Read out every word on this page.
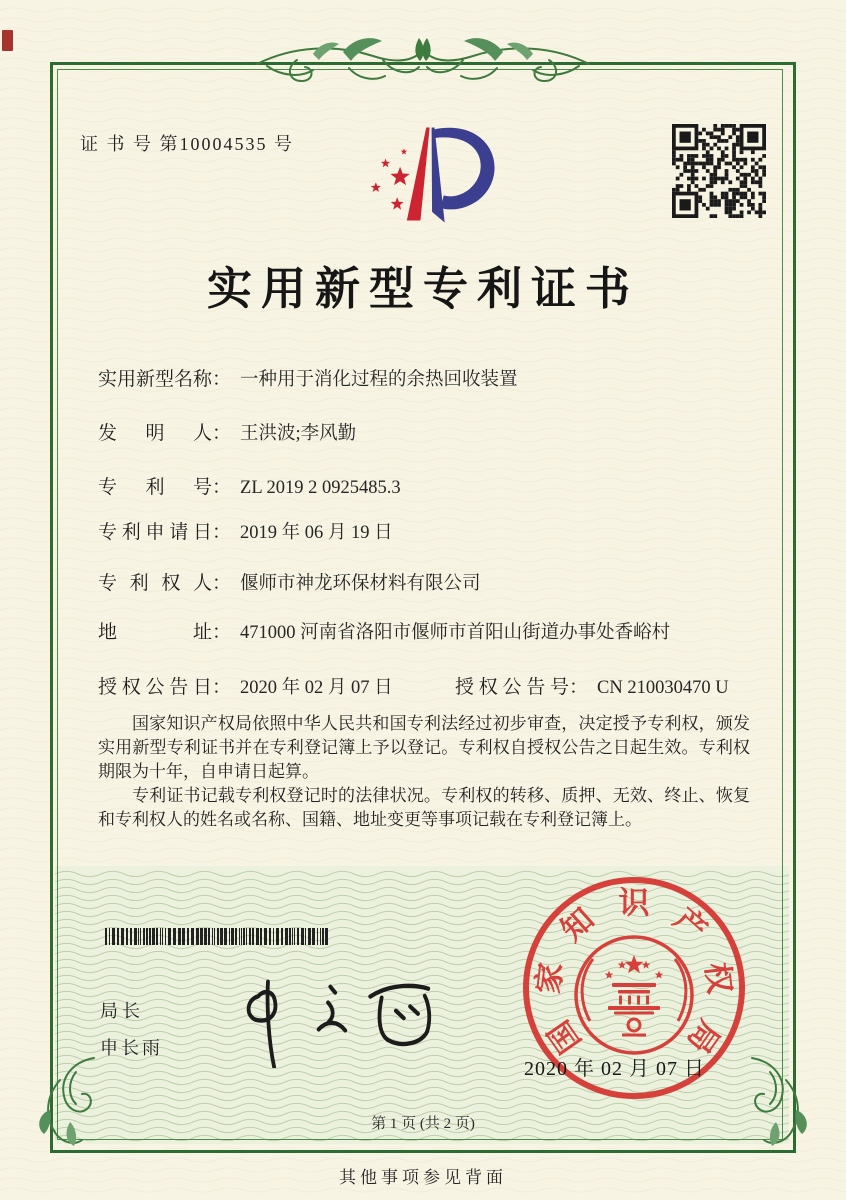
证 书 号 第10004535 号
实用新型专利证书
实用新型名称 ： 一种用于消化过程的余热回收装置
发明人 ： 王洪波;李风勤
专利号 ： ZL 2019 2 0925485.3
专利申请日 ： 2019 年 06 月 19 日
专利权人 ： 偃师市神龙环保材料有限公司
地址 ： 471000 河南省洛阳市偃师市首阳山街道办事处香峪村
授权公告日 ： 2020 年 02 月 07 日	授权公告号 ： CN 210030470 U

国家知识产权局依照中华人民共和国专利法经过初步审查，决定授予专利权，颁发实用新型专利证书并在专利登记簿上予以登记。专利权自授权公告之日起生效。专利权期限为十年，自申请日起算。

专利证书记载专利权登记时的法律状况。专利权的转移、质押、无效、终止、恢复和专利权人的姓名或名称、国籍、地址变更等事项记载在专利登记簿上。

局长
申长雨	国
家
知 识 产
权
局
2020 年 02 月 07 日
第 1 页 (共 2 页)
其他事项参见背面
